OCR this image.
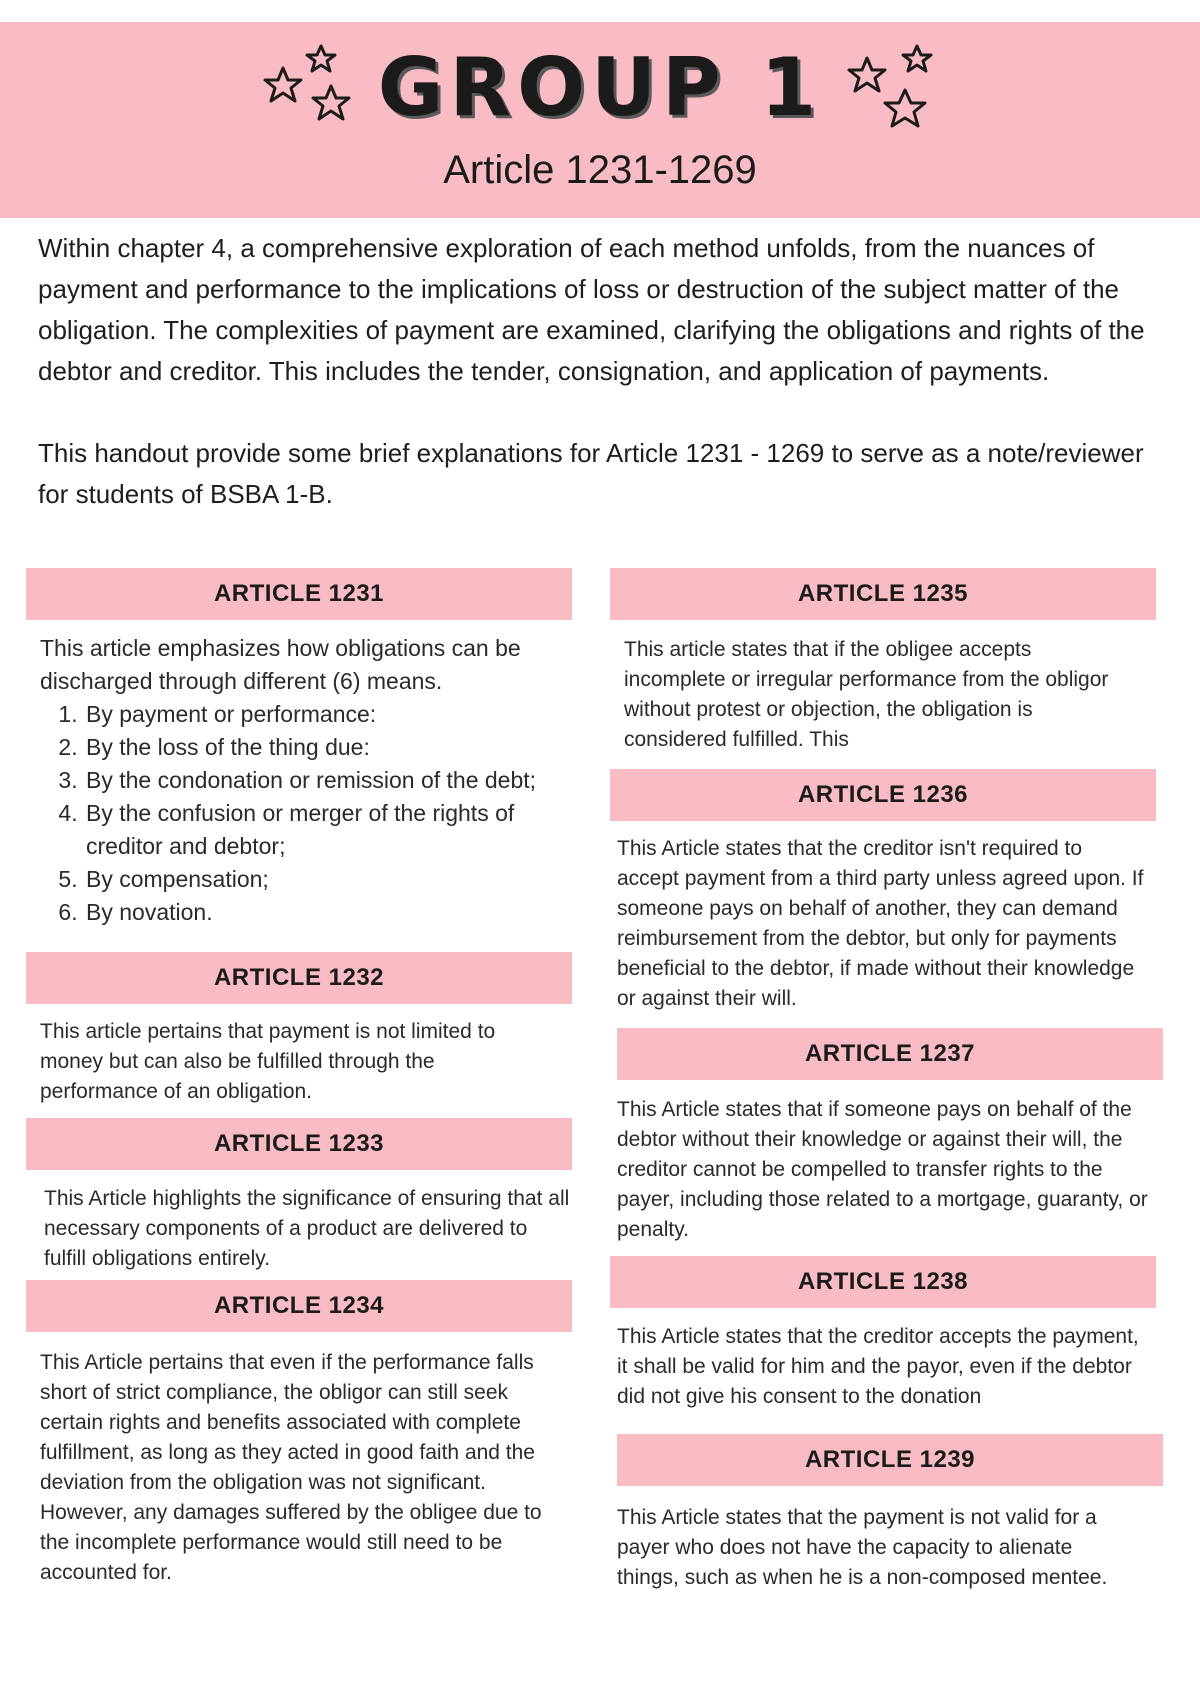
GROUP 1
Article 1231-1269

Within chapter 4, a comprehensive exploration of each method unfolds, from the nuances of payment and performance to the implications of loss or destruction of the subject matter of the obligation. The complexities of payment are examined, clarifying the obligations and rights of the debtor and creditor. This includes the tender, consignation, and application of payments.

This handout provide some brief explanations for Article 1231 - 1269 to serve as a note/reviewer for students of BSBA 1-B.

ARTICLE 1231

This article emphasizes how obligations can be discharged through different (6) means.

1. By payment or performance:
2. By the loss of the thing due:
3. By the condonation or remission of the debt;
4. By the confusion or merger of the rights of creditor and debtor;
5. By compensation;
6. By novation.
ARTICLE 1232
This article pertains that payment is not limited to money but can also be fulfilled through the performance of an obligation.
ARTICLE 1233
This Article highlights the significance of ensuring that all necessary components of a product are delivered to fulfill obligations entirely.
ARTICLE 1234
This Article pertains that even if the performance falls short of strict compliance, the obligor can still seek certain rights and benefits associated with complete fulfillment, as long as they acted in good faith and the deviation from the obligation was not significant. However, any damages suffered by the obligee due to the incomplete performance would still need to be accounted for.
ARTICLE 1235
This article states that if the obligee accepts incomplete or irregular performance from the obligor without protest or objection, the obligation is considered fulfilled. This
ARTICLE 1236
This Article states that the creditor isn't required to accept payment from a third party unless agreed upon. If someone pays on behalf of another, they can demand reimbursement from the debtor, but only for payments beneficial to the debtor, if made without their knowledge or against their will.
ARTICLE 1237
This Article states that if someone pays on behalf of the debtor without their knowledge or against their will, the creditor cannot be compelled to transfer rights to the payer, including those related to a mortgage, guaranty, or penalty.
ARTICLE 1238
This Article states that the creditor accepts the payment, it shall be valid for him and the payor, even if the debtor did not give his consent to the donation
ARTICLE 1239
This Article states that the payment is not valid for a payer who does not have the capacity to alienate things, such as when he is a non-composed mentee.
